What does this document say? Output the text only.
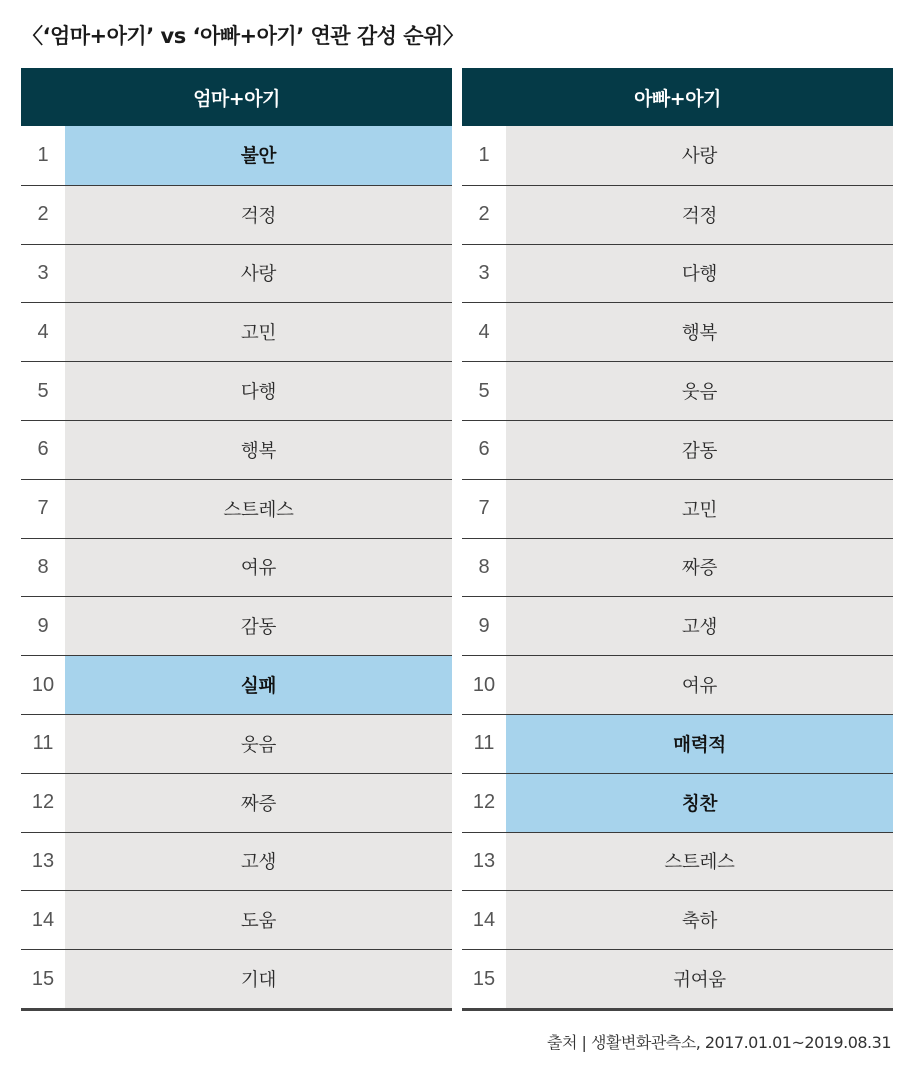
〈‘엄마+아기’ vs ‘아빠+아기’ 연관 감성 순위〉
엄마+아기
1	불안
2	걱정
3	사랑
4	고민
5	다행
6	행복
7	스트레스
8	여유
9	감동
10	실패
11	웃음
12	짜증
13	고생
14	도움
15	기대
아빠+아기
1	사랑
2	걱정
3	다행
4	행복
5	웃음
6	감동
7	고민
8	짜증
9	고생
10	여유
11	매력적
12	칭찬
13	스트레스
14	축하
15	귀여움
출처 | 생활변화관측소, 2017.01.01~2019.08.31
